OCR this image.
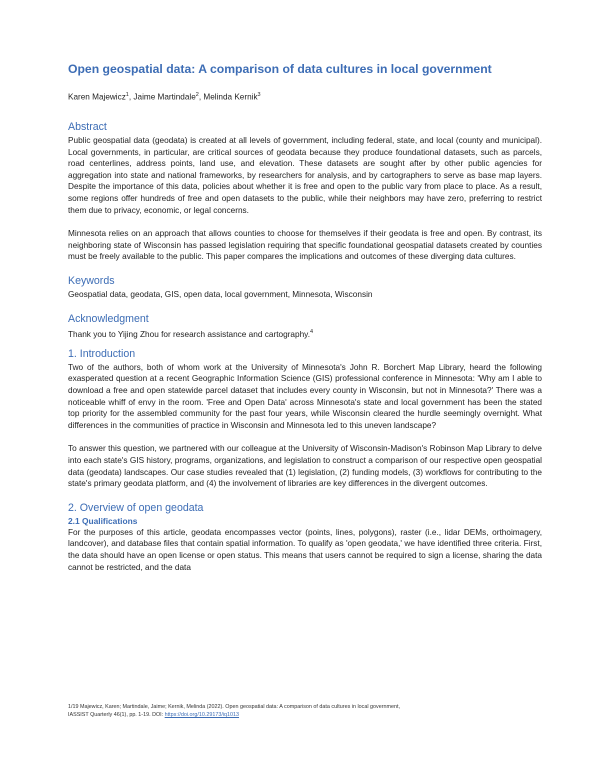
Open geospatial data: A comparison of data cultures in local government

Karen Majewicz$^1$, Jaime Martindale$^2$, Melinda Kernik$^3$

Abstract

Public geospatial data (geodata) is created at all levels of government, including federal, state, and local (county and municipal). Local governments, in particular, are critical sources of geodata because they produce foundational datasets, such as parcels, road centerlines, address points, land use, and elevation. These datasets are sought after by other public agencies for aggregation into state and national frameworks, by researchers for analysis, and by cartographers to serve as base map layers. Despite the importance of this data, policies about whether it is free and open to the public vary from place to place. As a result, some regions offer hundreds of free and open datasets to the public, while their neighbors may have zero, preferring to restrict them due to privacy, economic, or legal concerns.

Minnesota relies on an approach that allows counties to choose for themselves if their geodata is free and open. By contrast, its neighboring state of Wisconsin has passed legislation requiring that specific foundational geospatial datasets created by counties must be freely available to the public. This paper compares the implications and outcomes of these diverging data cultures.

Keywords

Geospatial data, geodata, GIS, open data, local government, Minnesota, Wisconsin

Acknowledgment

Thank you to Yijing Zhou for research assistance and cartography.$^4$

1. Introduction

Two of the authors, both of whom work at the University of Minnesota's John R. Borchert Map Library, heard the following exasperated question at a recent Geographic Information Science (GIS) professional conference in Minnesota: 'Why am I able to download a free and open statewide parcel dataset that includes every county in Wisconsin, but not in Minnesota?' There was a noticeable whiff of envy in the room. 'Free and Open Data' across Minnesota's state and local government has been the stated top priority for the assembled community for the past four years, while Wisconsin cleared the hurdle seemingly overnight. What differences in the communities of practice in Wisconsin and Minnesota led to this uneven landscape?

To answer this question, we partnered with our colleague at the University of Wisconsin-Madison's Robinson Map Library to delve into each state's GIS history, programs, organizations, and legislation to construct a comparison of our respective open geospatial data (geodata) landscapes. Our case studies revealed that (1) legislation, (2) funding models, (3) workflows for contributing to the state's primary geodata platform, and (4) the involvement of libraries are key differences in the divergent outcomes.

2. Overview of open geodata
2.1 Qualifications

For the purposes of this article, geodata encompasses vector (points, lines, polygons), raster (i.e., lidar DEMs, orthoimagery, landcover), and database files that contain spatial information. To qualify as 'open geodata,' we have identified three criteria. First, the data should have an open license or open status. This means that users cannot be required to sign a license, sharing the data cannot be restricted, and the data

1/19 Majewicz, Karen; Martindale, Jaime; Kernik, Melinda (2022). Open geospatial data: A comparison of data cultures in local government,
IASSIST Quarterly 46(1), pp. 1-19. DOI: https://doi.org/10.29173/iq1013
